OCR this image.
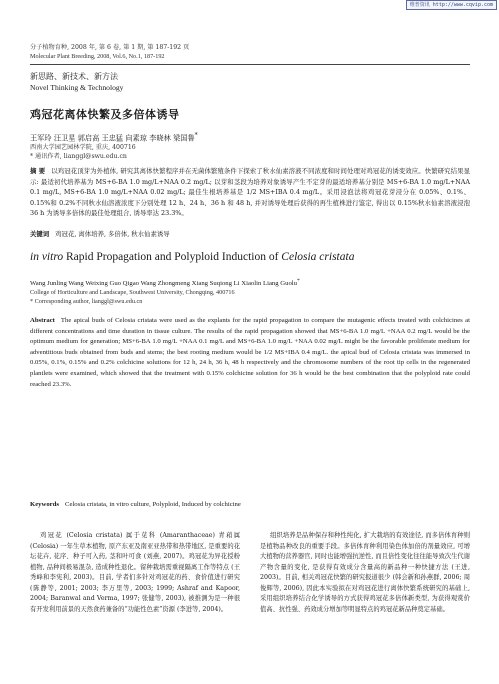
维普资讯 http://www.cqvip.com
分子植物育种, 2008 年, 第 6 卷, 第 1 期, 第 187-192 页
Molecular Plant Breeding, 2008, Vol.6, No.1, 187-192
新思路、新技术、新方法
Novel Thinking & Technology
鸡冠花离体快繁及多倍体诱导
王军玲 汪卫星 郭启高 王忠猛 向素琼 李晓林 梁国鲁*
西南大学园艺园林学院, 重庆, 400716
* 通讯作者, lianggl@swu.edu.cn
摘 要 以鸡冠花顶芽为外植体, 研究其离体快繁程序并在无菌体繁殖条件下探索了秋水仙素溶液不同浓度和时间处理对鸡冠花的诱变效应。快繁研究结果显示: 最适初代培养基为 MS+6-BA 1.0 mg/L+NAA 0.2 mg/L; 以芽和茎段为培养对象诱导产生不定芽的最适培养基分别是 MS+6-BA 1.0 mg/L+NAA 0.1 mg/L, MS+6-BA 1.0 mg/L+NAA 0.02 mg/L; 最佳生根培养基是 1/2 MS+IBA 0.4 mg/L。采用浸泡法将鸡冠花芽浸分在 0.05%、0.1%、0.15%和 0.2%不同秋水仙溶液浓度下分别处理 12 h、24 h、36 h 和 48 h, 并对诱导处理后获得的再生植株进行鉴定, 得出以 0.15%秋水仙素溶液浸泡 36 h 为诱导多倍体的最佳处理组合, 诱导率达 23.3%。
关键词 鸡冠花, 离体培养, 多倍体, 秋水仙素诱导
in vitro Rapid Propagation and Polyploid Induction of Celosia cristata
Wang Junling Wang Weixing Guo Qigao Wang Zhongmeng Xiang Suqiong Li Xiaolin Liang Guolu*
College of Horticulture and Landscape, Southwest University, Chongqing, 400716
* Corresponding author, lianggl@swu.edu.cn
Abstract The apical buds of Celosia cristata were used as the explants for the rapid propagation to compare the mutagenic effects treated with colchicines at different concentrations and time duration in tissue culture. The results of the rapid propagation showed that MS+6-BA 1.0 mg/L +NAA 0.2 mg/L would be the optimum medium for generation; MS+6-BA 1.0 mg/L +NAA 0.1 mg/L and MS+6-BA 1.0 mg/L +NAA 0.02 mg/L might be the favorable proliferate medium for adventitious buds obtained from buds and stems; the best rooting medium would be 1/2 MS+IBA 0.4 mg/L. the apical bud of Celosia cristata was immersed in 0.05%, 0.1%, 0.15% and 0.2% colchicine solutions for 12 h, 24 h, 36 h, 48 h respectively and the chromosome numbers of the root tip cells in the regenerated plantlets were examined, which showed that the treatment with 0.15% colchicine solution for 36 h would be the best combination that the polyploid rate could reached 23.3%.
Keywords Celosia cristata, in vitro culture, Polyploid, Induced by colchicine
鸡冠花 (Celosia cristata) 属于苋科 (Amaranthaceae) 青葙属 (Celosia) 一年生草本植物, 原产东亚及南亚亚热带和热带地区, 是重要的花坛花卉, 花序、种子可入药, 茎和叶可食 (刘燕, 2007)。鸡冠花为异花授粉植物, 品种间极易混杂, 造成种性退化。留种栽培需重视隔离工作等特点 (王秀峰和李宪利, 2003)。目前, 学者们多针对鸡冠花的药、食价值进行研究 (陈静等, 2001; 2003; 李万里等, 2003; 1999; Ashraf and Kapoor, 2004; Baranwal and Verma, 1997; 张健等, 2003), 被推测为是一种很有开发利用前景的天然食药兼备的“功能性色素”资源 (李进等, 2004)。
组织培养是品种保存和种性纯化, 扩大栽培的有效途径, 而多倍体育种则是植物品种改良的重要手段。多倍体育种利用染色体加倍的剂量效应, 可增大植物的营养器官, 同时也能增强抗逆性, 而且倍性变化往往能导致次生代谢产物含量的变化, 是获得有效成分含量高的新品种一种快捷方法 (王进, 2003)。目前, 相关鸡冠花快繁的研究报道很少 (韩会新和孙燕群, 2006; 周俊辉等, 2006), 因此本实验拟在对鸡冠花进行离体快繁系统研究的基础上, 采用组织培养结合化学诱导的方式获得鸡冠花多倍体新类型, 为获得观赏价值高、抗性强、药效成分增加等明显特点的鸡冠花新品种奠定基础。
